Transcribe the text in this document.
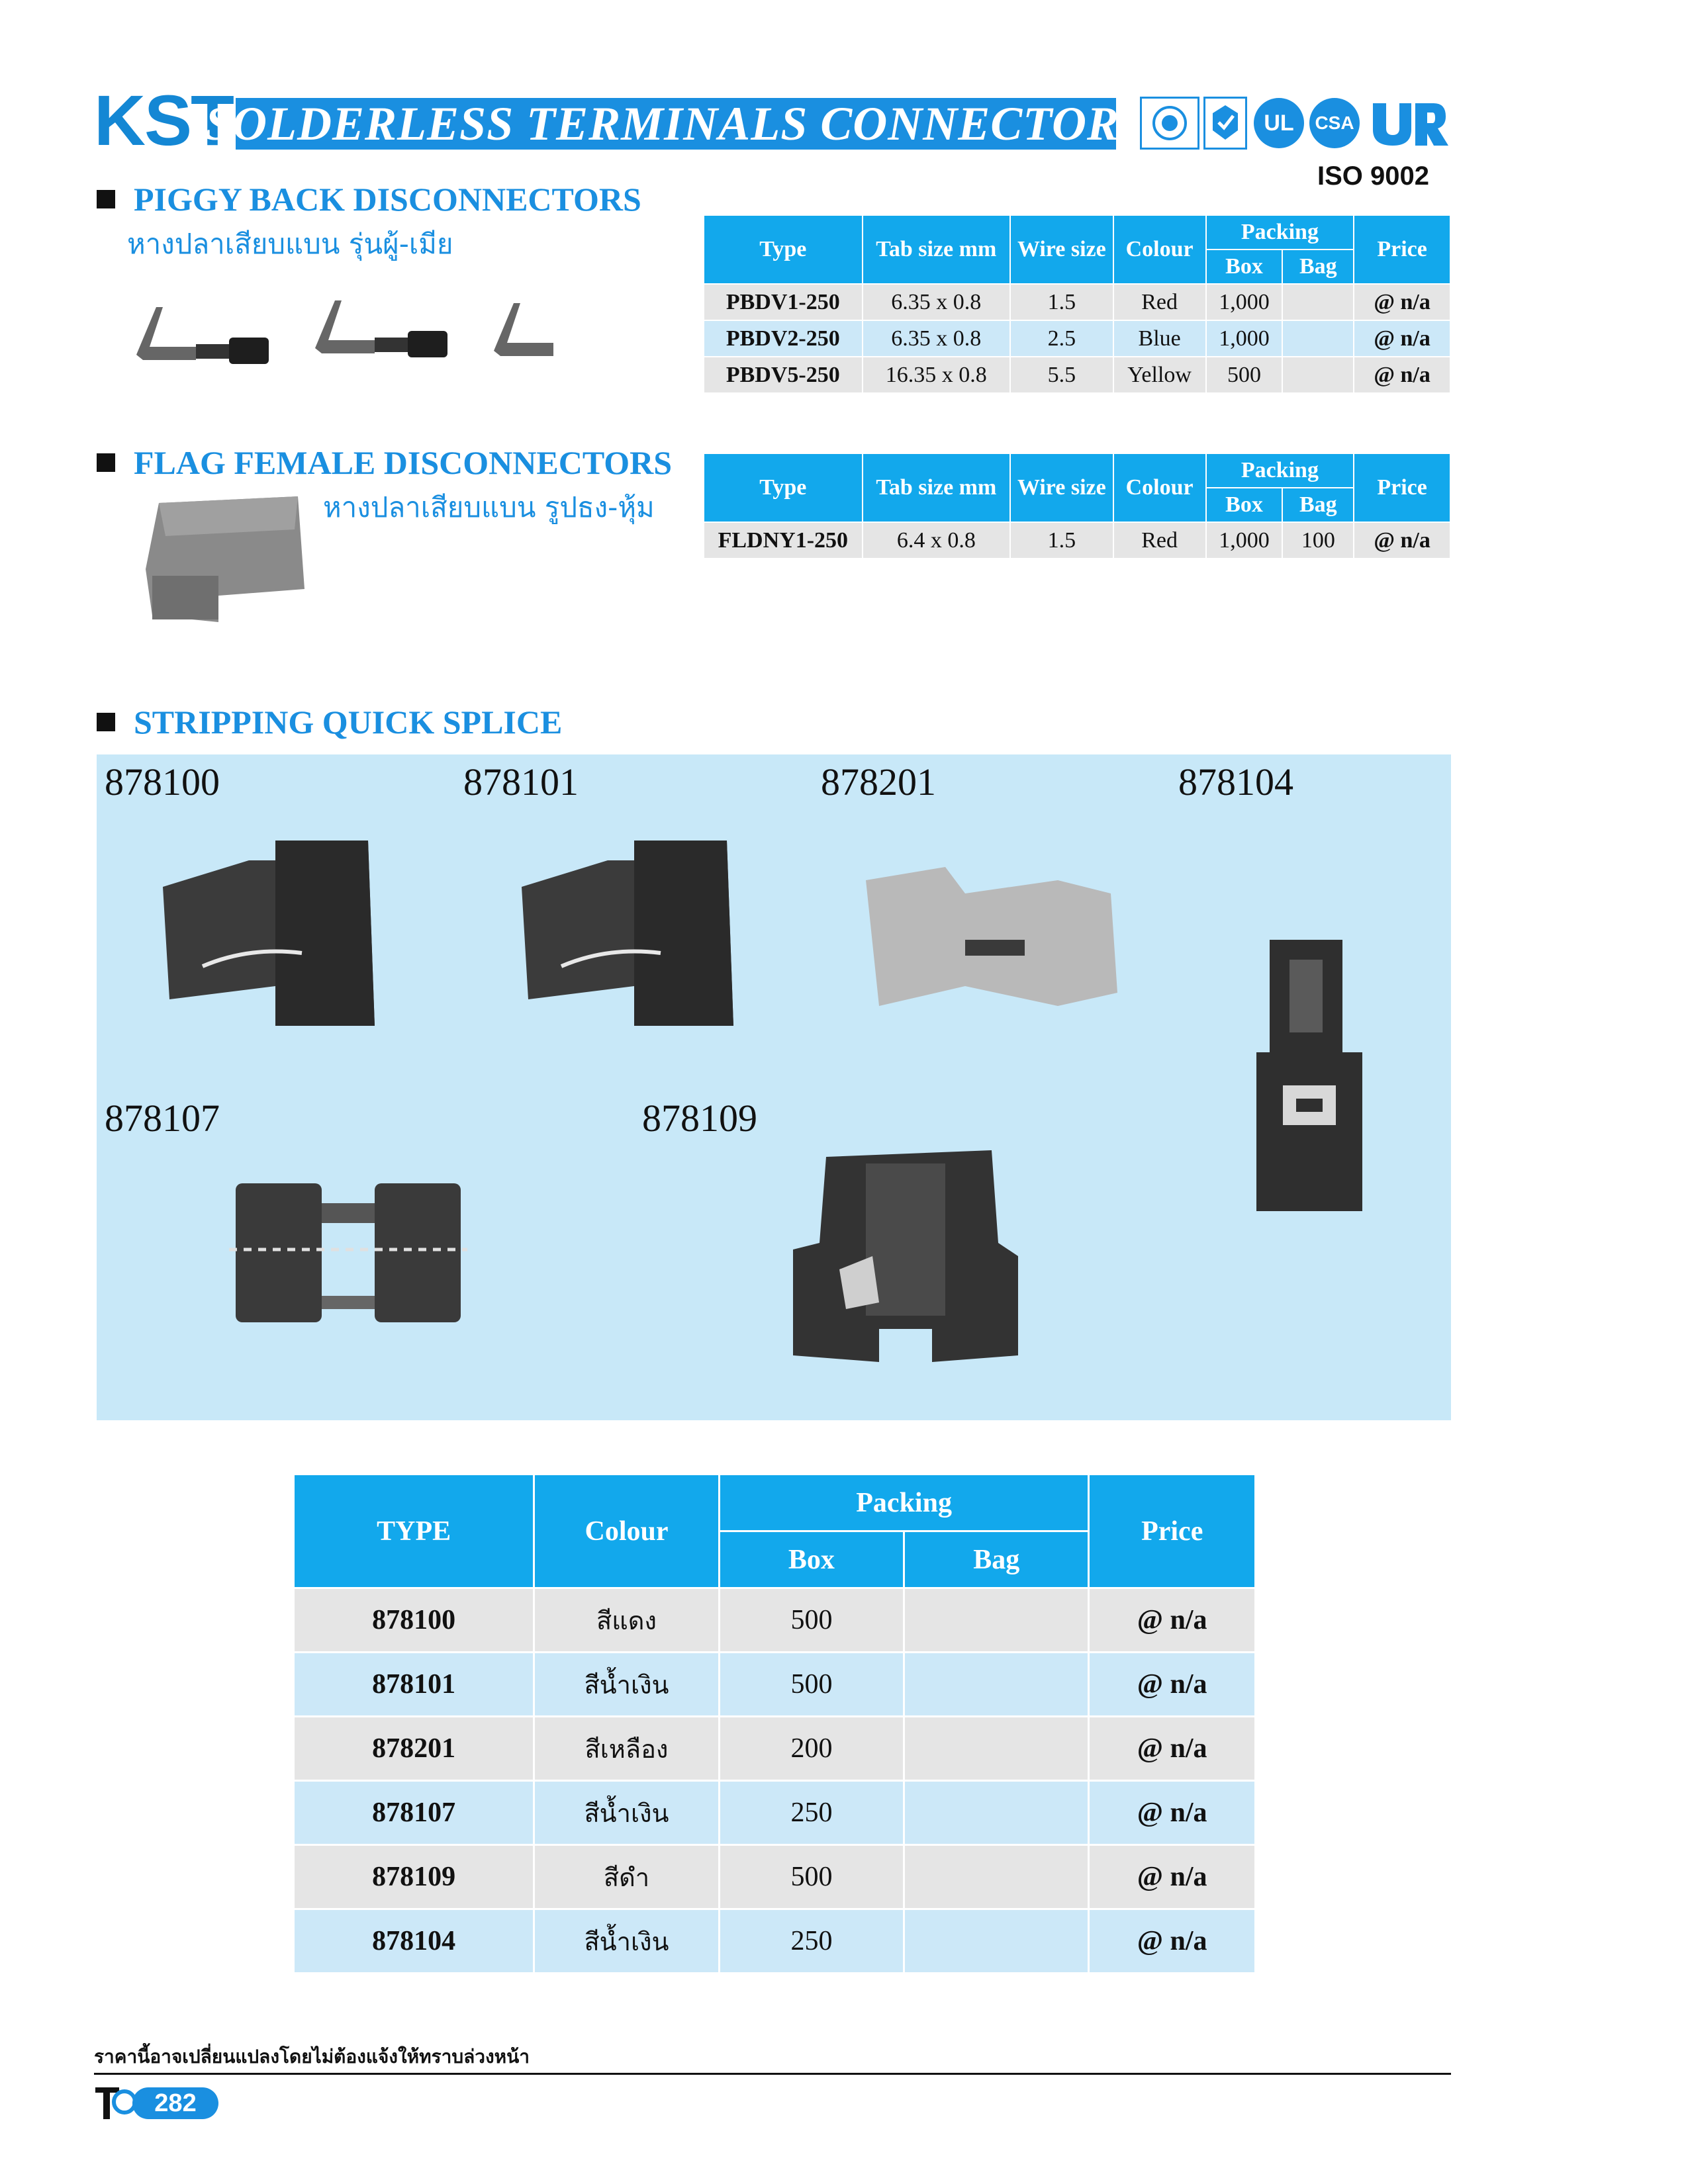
KST
SOLDERLESS TERMINALS CONNECTORS	UL	CSA
ISO 9002
PIGGY BACK DISCONNECTORS
หางปลาเสียบแบน รุ่นผู้-เมีย	Type	Tab size mm	Wire size	Colour	Packing		Price
				Box	Bag	
PBDV1-250	6.35 x 0.8	1.5	Red	1,000		@ n/a
PBDV2-250	6.35 x 0.8	2.5	Blue	1,000		@ n/a
PBDV5-250	16.35 x 0.8	5.5	Yellow	500		@ n/a
FLAG FEMALE DISCONNECTORS
หางปลาเสียบแบน รูปธง-หุ้ม
Type	Tab size mm	Wire size	Colour	Packing		Price
				Box	Bag	
FLDNY1-250	6.4 x 0.8	1.5	Red	1,000	100	@ n/a
STRIPPING QUICK SPLICE
878100	878101	878201	878104
878107	878109
TYPE	Colour	Packing		Price
		Box	Bag	
878100	สีแดง	500		@ n/a
878101	สีน้ำเงิน	500		@ n/a
878201	สีเหลือง	200		@ n/a
878107	สีน้ำเงิน	250		@ n/a
878109	สีดำ	500		@ n/a
878104	สีน้ำเงิน	250		@ n/a
ราคานี้อาจเปลี่ยนแปลงโดยไม่ต้องแจ้งให้ทราบล่วงหน้า
282
